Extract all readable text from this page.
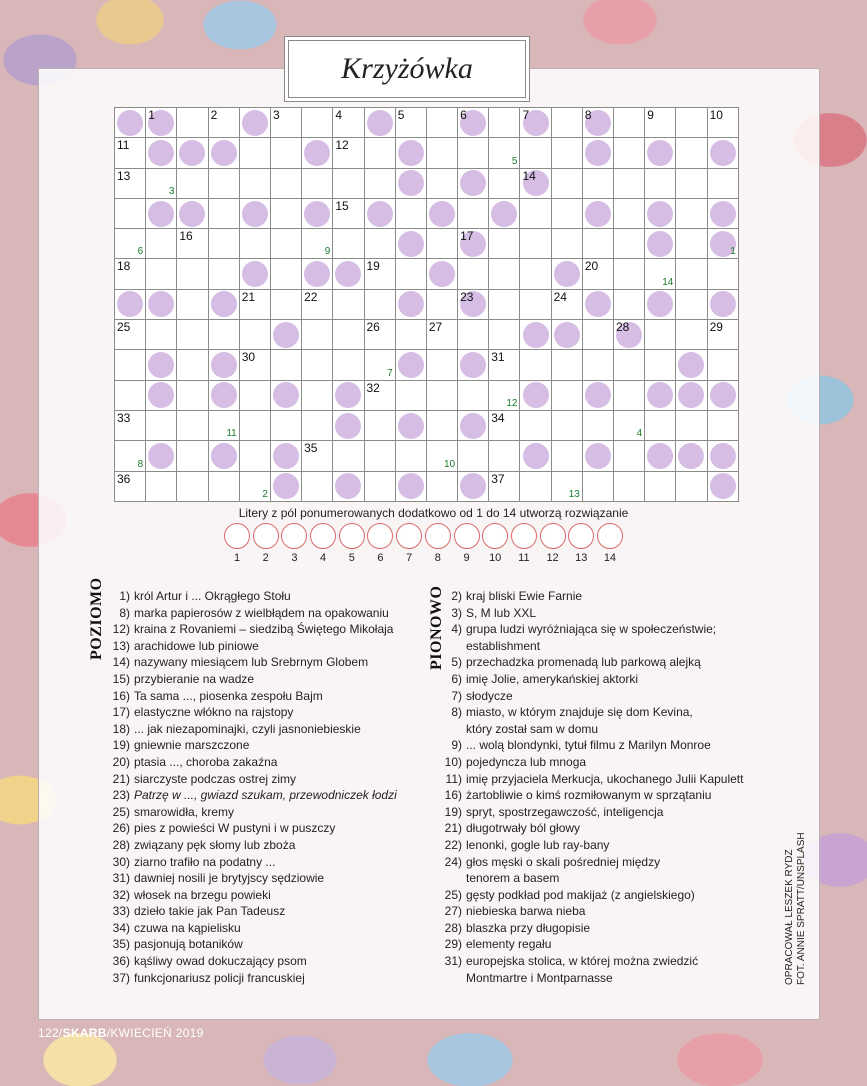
Krzyżówka
1	2	3	4	5	6	7	8	9	10
11	12
5
13
3
14
15
6
16
9
17
1
18	19	20
14
21	22	23	24
25	26	27	28	29
30
7
31
32
12
33
11
34
4
8
35
10
36
2
37
13
Litery z pól ponumerowanych dodatkowo od 1 do 14 utworzą rozwiązanie
1	2	3	4	5	6	7	8	9	10	11	12	13	14
POZIOMO	PIONOWO
1) król Artur i ... Okrągłego Stołu
8) marka papierosów z wielbłądem na opakowaniu
12) kraina z Rovaniemi – siedzibą Świętego Mikołaja
13) arachidowe lub piniowe
14) nazywany miesiącem lub Srebrnym Globem
15) przybieranie na wadze
16) Ta sama ..., piosenka zespołu Bajm
17) elastyczne włókno na rajstopy
18) ... jak niezapominajki, czyli jasnoniebieskie
19) gniewnie marszczone
20) ptasia ..., choroba zakaźna
21) siarczyste podczas ostrej zimy
23) Patrzę w ..., gwiazd szukam, przewodniczek łodzi
25) smarowidła, kremy
26) pies z powieści W pustyni i w puszczy
28) związany pęk słomy lub zboża
30) ziarno trafiło na podatny ...
31) dawniej nosili je brytyjscy sędziowie
32) włosek na brzegu powieki
33) dzieło takie jak Pan Tadeusz
34) czuwa na kąpielisku
35) pasjonują botaników
36) kąśliwy owad dokuczający psom
37) funkcjonariusz policji francuskiej
2) kraj bliski Ewie Farnie
3) S, M lub XXL
4) grupa ludzi wyróżniająca się w społeczeństwie;
establishment
5) przechadzka promenadą lub parkową alejką
6) imię Jolie, amerykańskiej aktorki
7) słodycze
8) miasto, w którym znajduje się dom Kevina,
który został sam w domu
9) ... wolą blondynki, tytuł filmu z Marilyn Monroe
10) pojedyncza lub mnoga
11) imię przyjaciela Merkucja, ukochanego Julii Kapulett
16) żartobliwie o kimś rozmiłowanym w sprzątaniu
19) spryt, spostrzegawczość, inteligencja
21) długotrwały ból głowy
22) lenonki, gogle lub ray-bany
24) głos męski o skali pośredniej między
tenorem a basem
25) gęsty podkład pod makijaż (z angielskiego)
27) niebieska barwa nieba
28) blaszka przy długopisie
29) elementy regału
31) europejska stolica, w której można zwiedzić
Montmartre i Montparnasse	OPRACOWAŁ LESZEK RYDZ FOT. ANNIE SPRATT/UNSPLASH
122/SKARB/KWIECIEŃ 2019
